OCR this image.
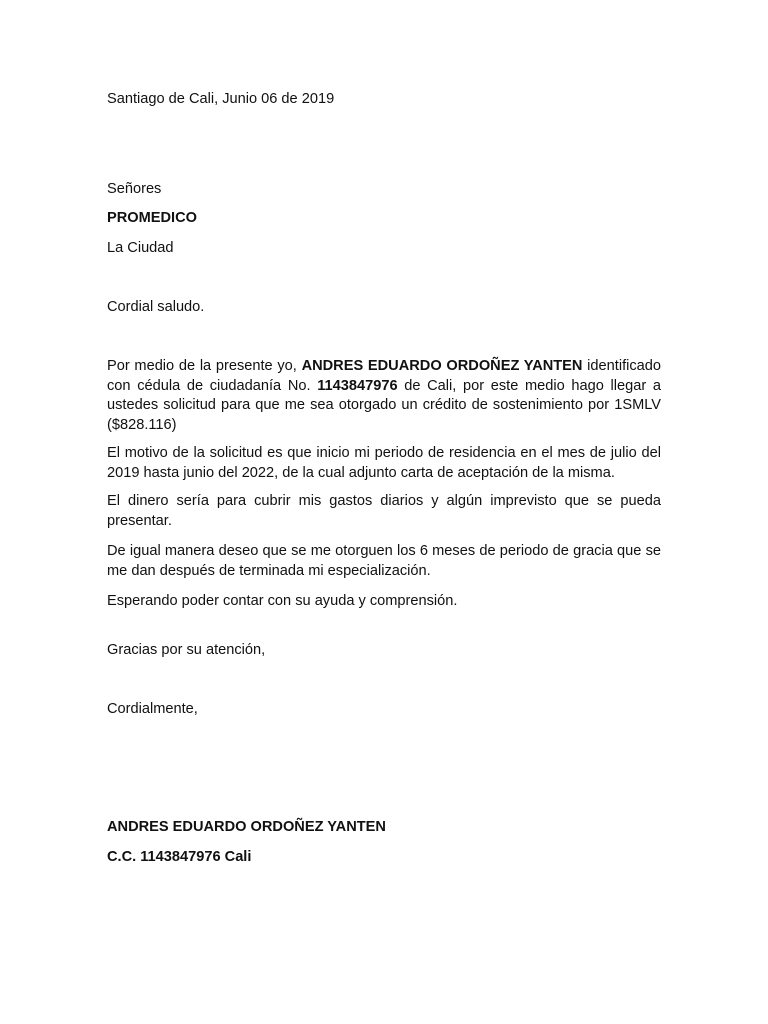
Santiago de Cali, Junio 06 de 2019

Señores

PROMEDICO

La Ciudad

Cordial saludo.

Por medio de la presente yo, ANDRES EDUARDO ORDOÑEZ YANTEN identificado con cédula de ciudadanía No. 1143847976 de Cali, por este medio hago llegar a ustedes solicitud para que me sea otorgado un crédito de sostenimiento por 1SMLV ($828.116)

El motivo de la solicitud es que inicio mi periodo de residencia en el mes de julio del 2019 hasta junio del 2022, de la cual adjunto carta de aceptación de la misma.

El dinero sería para cubrir mis gastos diarios y algún imprevisto que se pueda presentar.

De igual manera deseo que se me otorguen los 6 meses de periodo de gracia que se me dan después de terminada mi especialización.

Esperando poder contar con su ayuda y comprensión.

Gracias por su atención,

Cordialmente,

ANDRES EDUARDO ORDOÑEZ YANTEN

C.C. 1143847976 Cali
